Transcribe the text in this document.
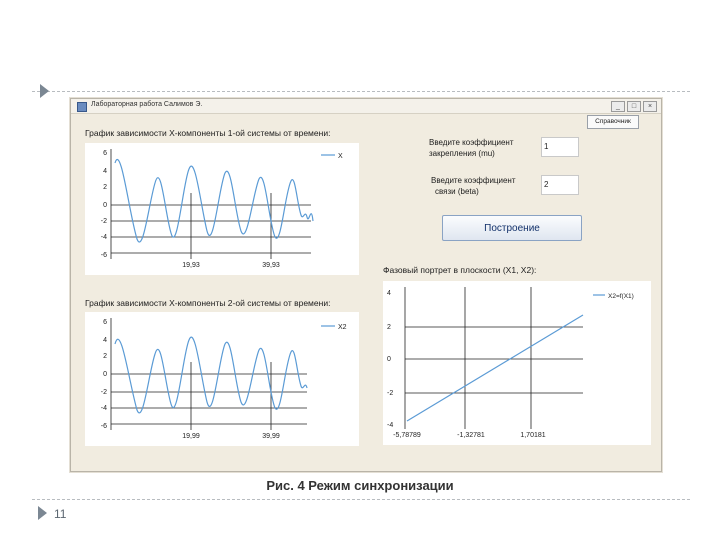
Лабораторная работа Салимов Э.	_	□	×
Справочник
График зависимости X-компоненты 1-ой системы от времени:
6
4
2
0
-2
-4
-6
19,93	39,93
X
График зависимости X-компоненты 2-ой системы от времени:
6
4
2
0
-2
-4
-6
19,99	39,99
X2
Введите коэффициент
закрепления (mu)
1
Введите коэффициент
связи (beta)
2
Построение
Фазовый портрет в плоскости (X1, X2):
4
2
0
-2
-4
-5,78789	-1,32781	1,70181
X2=f(X1)
Рис. 4 Режим синхронизации
11
